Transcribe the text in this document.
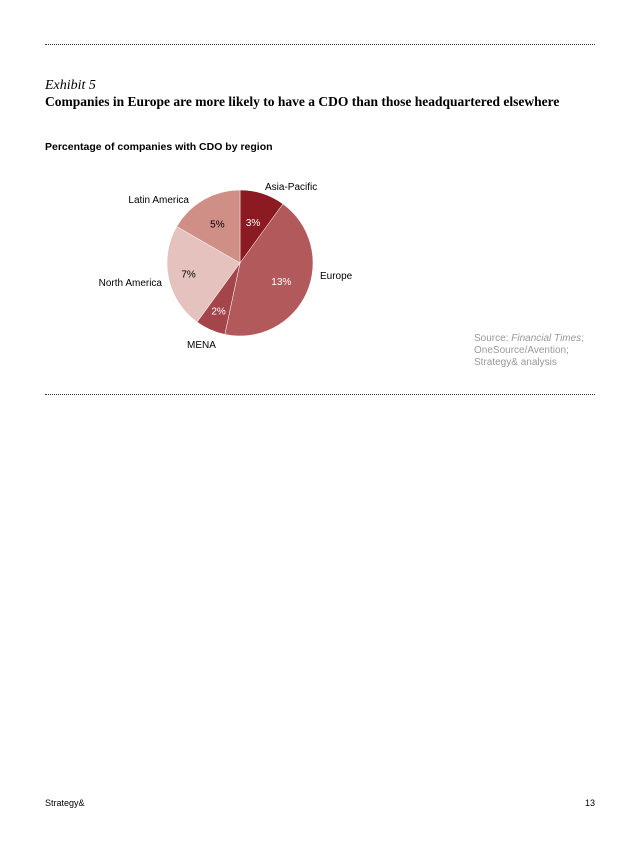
Exhibit 5
Companies in Europe are more likely to have a CDO than those headquartered elsewhere
Percentage of companies with CDO by region
3%
Asia-Pacific
13%
Europe
2%
MENA
7%
North America
5%
Latin America
Source: Financial Times;
OneSource/Avention;
Strategy& analysis
Strategy&	13
